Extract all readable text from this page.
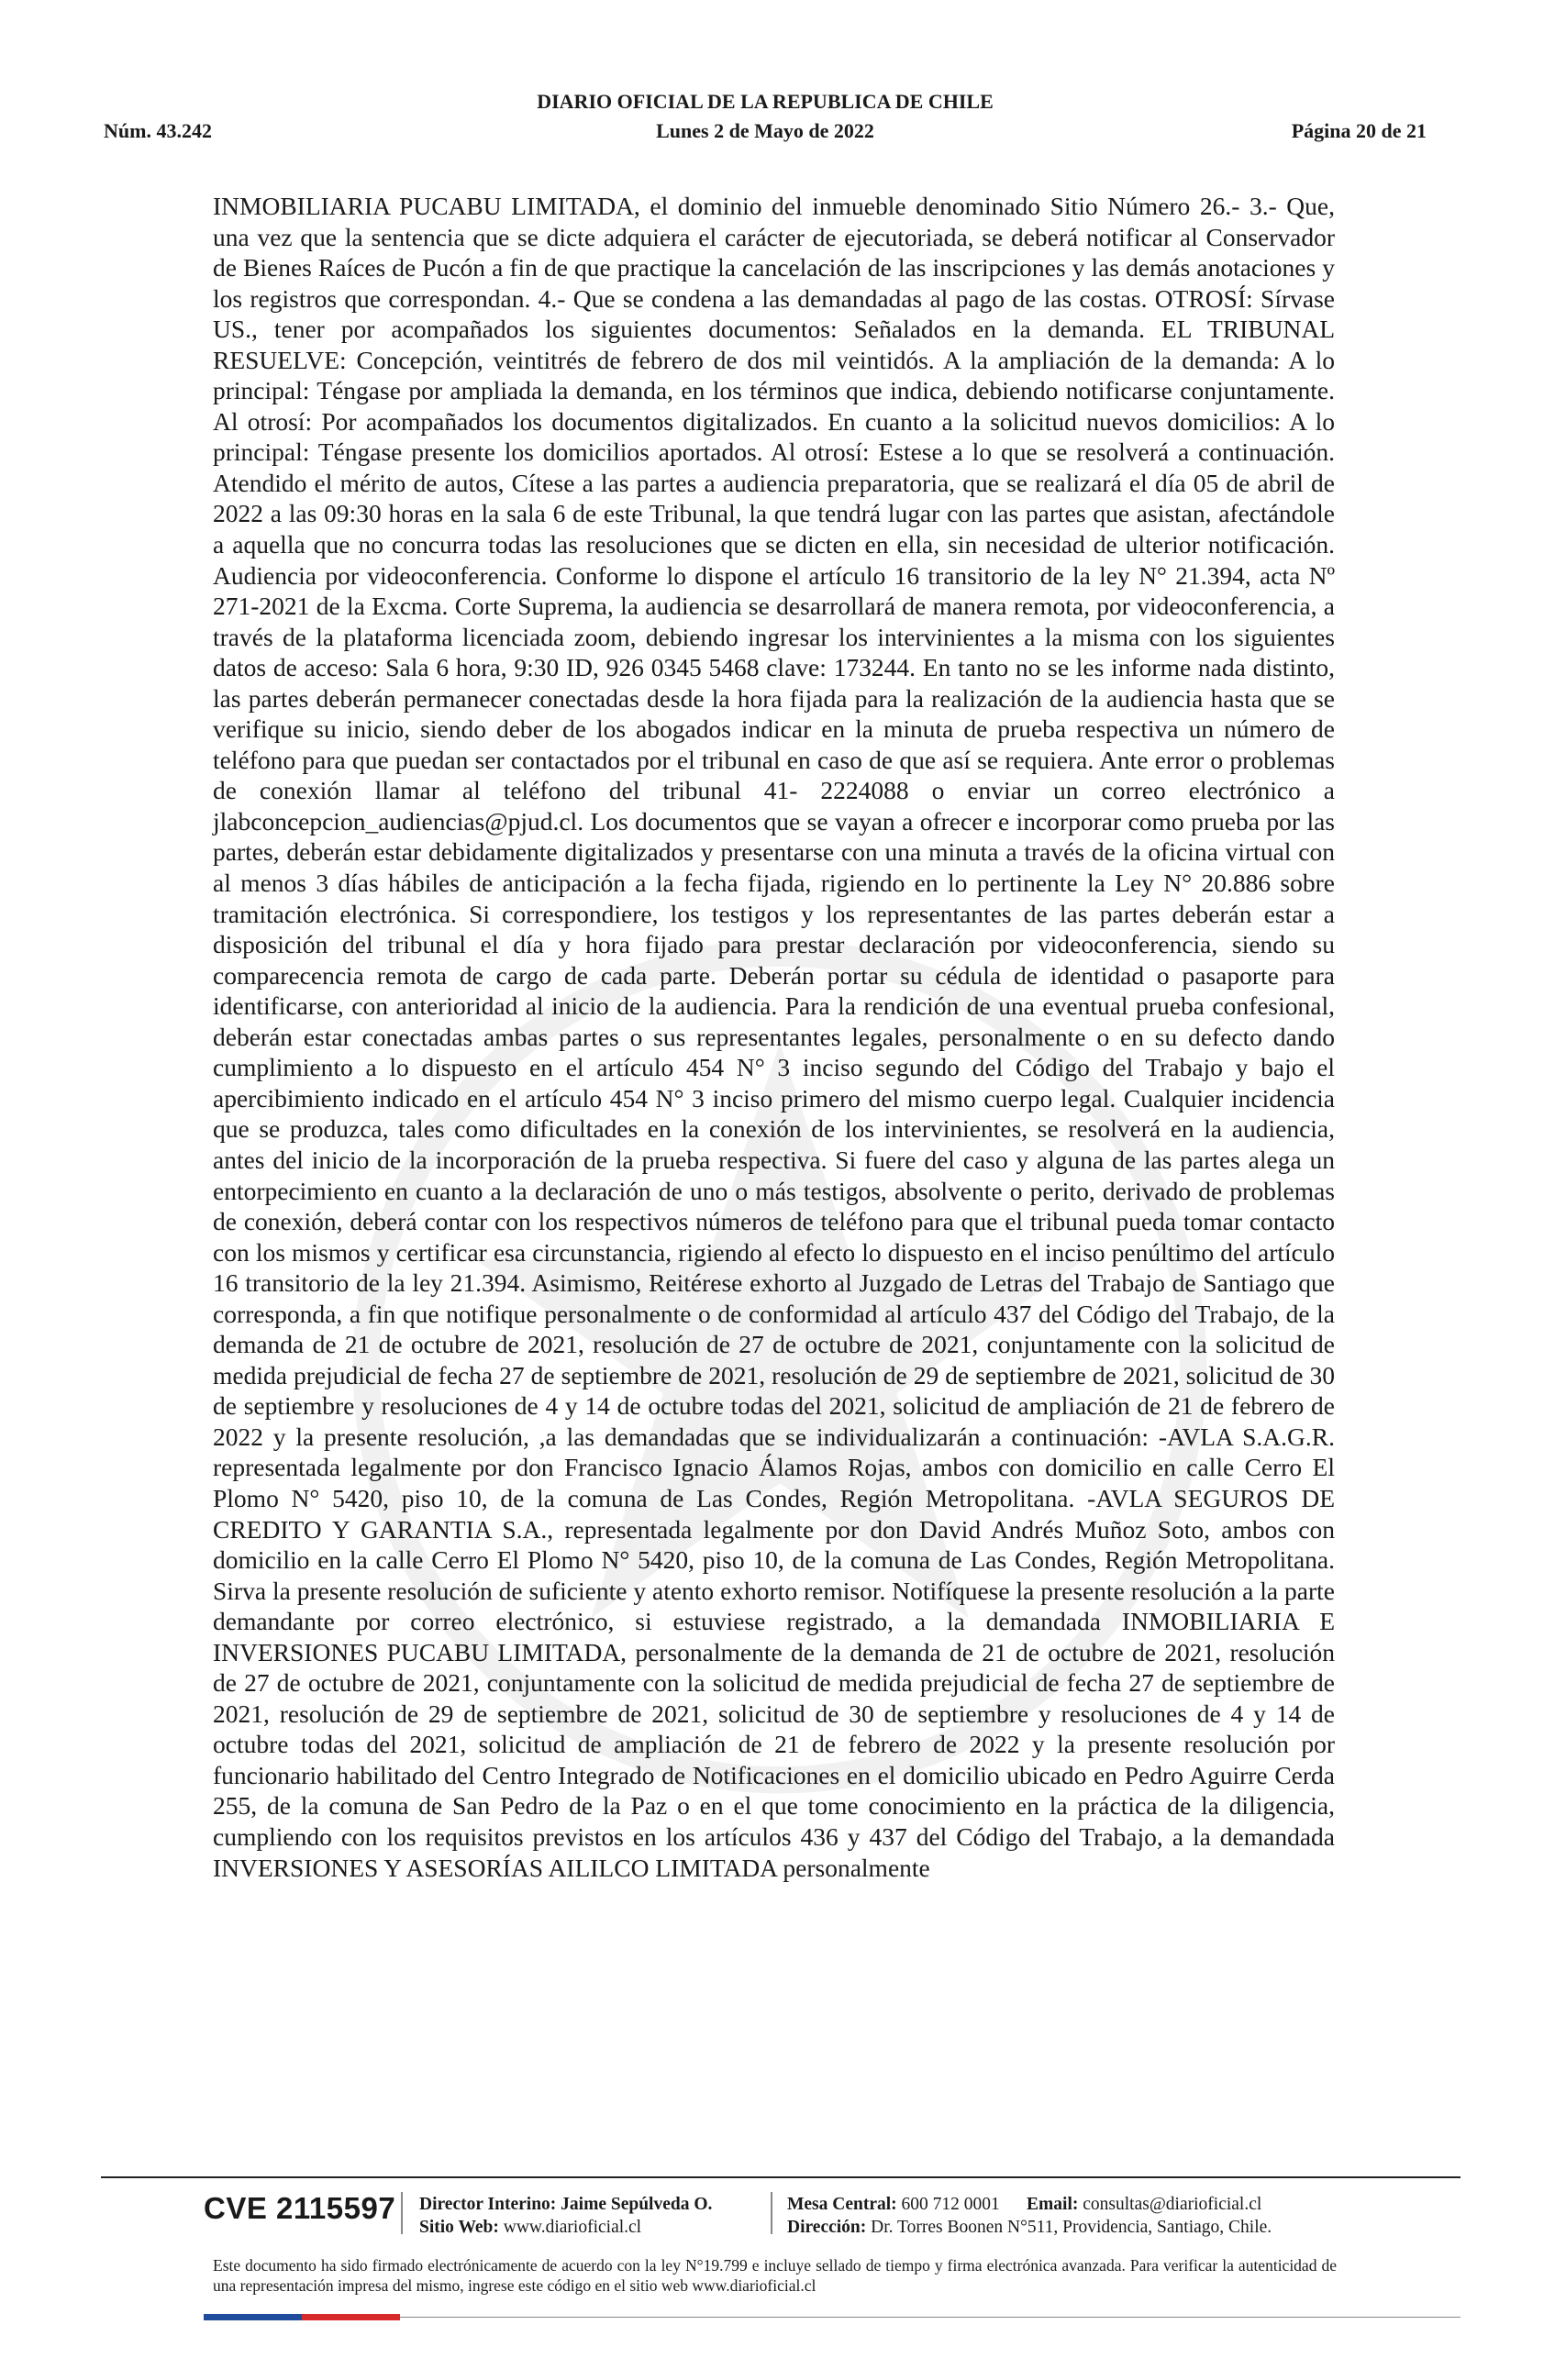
Núm. 43.242
DIARIO OFICIAL DE LA REPUBLICA DE CHILE
Lunes 2 de Mayo de 2022	Página 20 de 21
INMOBILIARIA PUCABU LIMITADA, el dominio del inmueble denominado Sitio Número 26.- 3.- Que, una vez que la sentencia que se dicte adquiera el carácter de ejecutoriada, se deberá notificar al Conservador de Bienes Raíces de Pucón a fin de que practique la cancelación de las inscripciones y las demás anotaciones y los registros que correspondan. 4.- Que se condena a las demandadas al pago de las costas. OTROSÍ: Sírvase US., tener por acompañados los siguientes documentos: Señalados en la demanda. EL TRIBUNAL RESUELVE: Concepción, veintitrés de febrero de dos mil veintidós. A la ampliación de la demanda: A lo principal: Téngase por ampliada la demanda, en los términos que indica, debiendo notificarse conjuntamente. Al otrosí: Por acompañados los documentos digitalizados. En cuanto a la solicitud nuevos domicilios: A lo principal: Téngase presente los domicilios aportados. Al otrosí: Estese a lo que se resolverá a continuación. Atendido el mérito de autos, Cítese a las partes a audiencia preparatoria, que se realizará el día 05 de abril de 2022 a las 09:30 horas en la sala 6 de este Tribunal, la que tendrá lugar con las partes que asistan, afectándole a aquella que no concurra todas las resoluciones que se dicten en ella, sin necesidad de ulterior notificación. Audiencia por videoconferencia. Conforme lo dispone el artículo 16 transitorio de la ley N° 21.394, acta Nº 271-2021 de la Excma. Corte Suprema, la audiencia se desarrollará de manera remota, por videoconferencia, a través de la plataforma licenciada zoom, debiendo ingresar los intervinientes a la misma con los siguientes datos de acceso: Sala 6 hora, 9:30 ID, 926 0345 5468 clave: 173244. En tanto no se les informe nada distinto, las partes deberán permanecer conectadas desde la hora fijada para la realización de la audiencia hasta que se verifique su inicio, siendo deber de los abogados indicar en la minuta de prueba respectiva un número de teléfono para que puedan ser contactados por el tribunal en caso de que así se requiera. Ante error o problemas de conexión llamar al teléfono del tribunal 41- 2224088 o enviar un correo electrónico a jlabconcepcion_audiencias@pjud.cl. Los documentos que se vayan a ofrecer e incorporar como prueba por las partes, deberán estar debidamente digitalizados y presentarse con una minuta a través de la oficina virtual con al menos 3 días hábiles de anticipación a la fecha fijada, rigiendo en lo pertinente la Ley N° 20.886 sobre tramitación electrónica. Si correspondiere, los testigos y los representantes de las partes deberán estar a disposición del tribunal el día y hora fijado para prestar declaración por videoconferencia, siendo su comparecencia remota de cargo de cada parte. Deberán portar su cédula de identidad o pasaporte para identificarse, con anterioridad al inicio de la audiencia. Para la rendición de una eventual prueba confesional, deberán estar conectadas ambas partes o sus representantes legales, personalmente o en su defecto dando cumplimiento a lo dispuesto en el artículo 454 N° 3 inciso segundo del Código del Trabajo y bajo el apercibimiento indicado en el artículo 454 N° 3 inciso primero del mismo cuerpo legal. Cualquier incidencia que se produzca, tales como dificultades en la conexión de los intervinientes, se resolverá en la audiencia, antes del inicio de la incorporación de la prueba respectiva. Si fuere del caso y alguna de las partes alega un entorpecimiento en cuanto a la declaración de uno o más testigos, absolvente o perito, derivado de problemas de conexión, deberá contar con los respectivos números de teléfono para que el tribunal pueda tomar contacto con los mismos y certificar esa circunstancia, rigiendo al efecto lo dispuesto en el inciso penúltimo del artículo 16 transitorio de la ley 21.394. Asimismo, Reitérese exhorto al Juzgado de Letras del Trabajo de Santiago que corresponda, a fin que notifique personalmente o de conformidad al artículo 437 del Código del Trabajo, de la demanda de 21 de octubre de 2021, resolución de 27 de octubre de 2021, conjuntamente con la solicitud de medida prejudicial de fecha 27 de septiembre de 2021, resolución de 29 de septiembre de 2021, solicitud de 30 de septiembre y resoluciones de 4 y 14 de octubre todas del 2021, solicitud de ampliación de 21 de febrero de 2022 y la presente resolución, ,a las demandadas que se individualizarán a continuación: -AVLA S.A.G.R. representada legalmente por don Francisco Ignacio Álamos Rojas, ambos con domicilio en calle Cerro El Plomo N° 5420, piso 10, de la comuna de Las Condes, Región Metropolitana. -AVLA SEGUROS DE CREDITO Y GARANTIA S.A., representada legalmente por don David Andrés Muñoz Soto, ambos con domicilio en la calle Cerro El Plomo N° 5420, piso 10, de la comuna de Las Condes, Región Metropolitana. Sirva la presente resolución de suficiente y atento exhorto remisor. Notifíquese la presente resolución a la parte demandante por correo electrónico, si estuviese registrado, a la demandada INMOBILIARIA E INVERSIONES PUCABU LIMITADA, personalmente de la demanda de 21 de octubre de 2021, resolución de 27 de octubre de 2021, conjuntamente con la solicitud de medida prejudicial de fecha 27 de septiembre de 2021, resolución de 29 de septiembre de 2021, solicitud de 30 de septiembre y resoluciones de 4 y 14 de octubre todas del 2021, solicitud de ampliación de 21 de febrero de 2022 y la presente resolución por funcionario habilitado del Centro Integrado de Notificaciones en el domicilio ubicado en Pedro Aguirre Cerda 255, de la comuna de San Pedro de la Paz o en el que tome conocimiento en la práctica de la diligencia, cumpliendo con los requisitos previstos en los artículos 436 y 437 del Código del Trabajo, a la demandada INVERSIONES Y ASESORÍAS AILILCO LIMITADA personalmente
CVE 2115597 Director Interino: Jaime Sepúlveda O.
Sitio Web: www.diarioficial.cl
Mesa Central: 600 712 0001 Email: consultas@diarioficial.cl
Dirección: Dr. Torres Boonen N°511, Providencia, Santiago, Chile.
Este documento ha sido firmado electrónicamente de acuerdo con la ley N°19.799 e incluye sellado de tiempo y firma electrónica avanzada. Para verificar la autenticidad de una representación impresa del mismo, ingrese este código en el sitio web www.diarioficial.cl
